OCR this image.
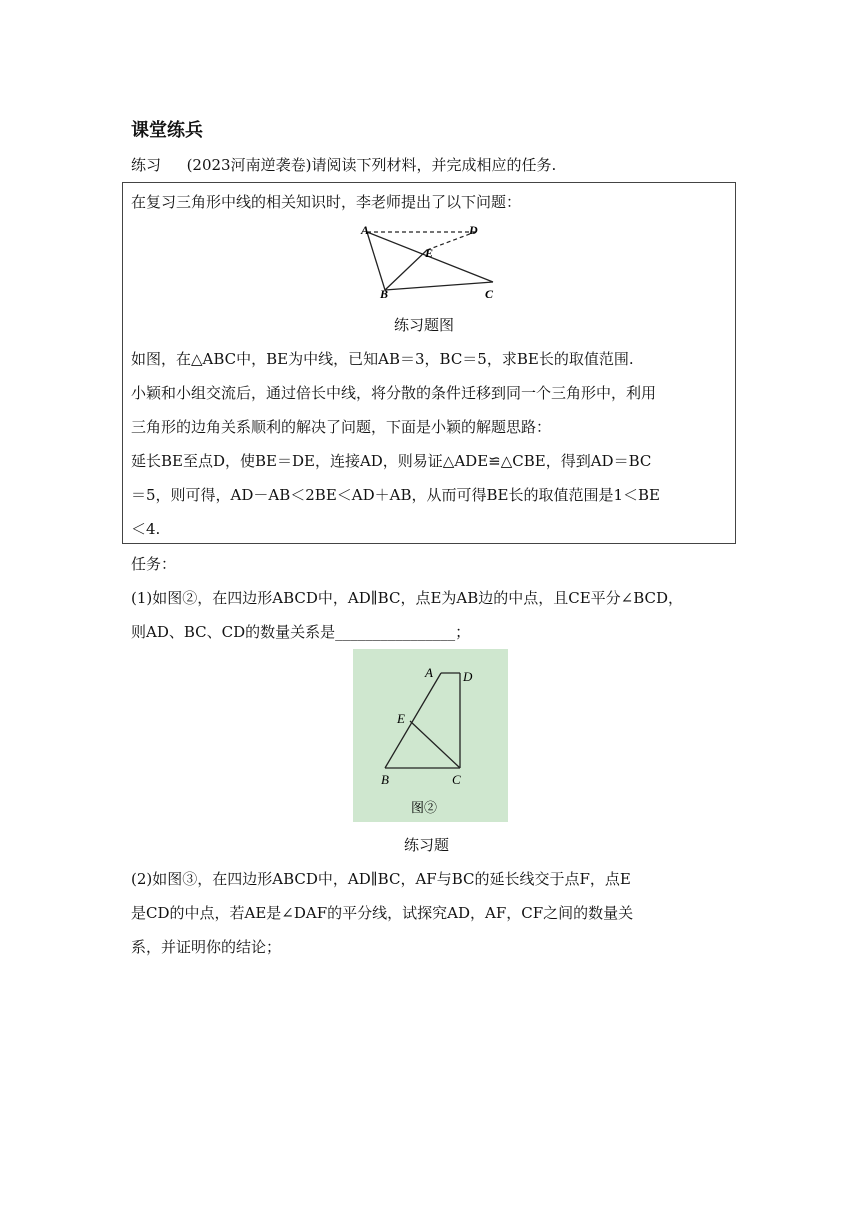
课堂练兵
练习 (2023河南逆袭卷)请阅读下列材料，并完成相应的任务.
在复习三角形中线的相关知识时，李老师提出了以下问题：
A	D
E
B	C
练习题图
如图，在△ABC中，BE为中线，已知AB＝3，BC＝5，求BE长的取值范围.
小颖和小组交流后，通过倍长中线，将分散的条件迁移到同一个三角形中，利用
三角形的边角关系顺利的解决了问题，下面是小颖的解题思路：
延长BE至点D，使BE＝DE，连接AD，则易证△ADE≌△CBE，得到AD＝BC
＝5，则可得，AD－AB＜2BE＜AD＋AB，从而可得BE长的取值范围是1＜BE
＜4.
任务：
(1)如图②，在四边形ABCD中，AD∥BC，点E为AB边的中点，且CE平分∠BCD，
则AD、BC、CD的数量关系是________________；
A D
E
B	C
图②
练习题
(2)如图③，在四边形ABCD中，AD∥BC，AF与BC的延长线交于点F，点E
是CD的中点，若AE是∠DAF的平分线，试探究AD，AF，CF之间的数量关
系，并证明你的结论；
